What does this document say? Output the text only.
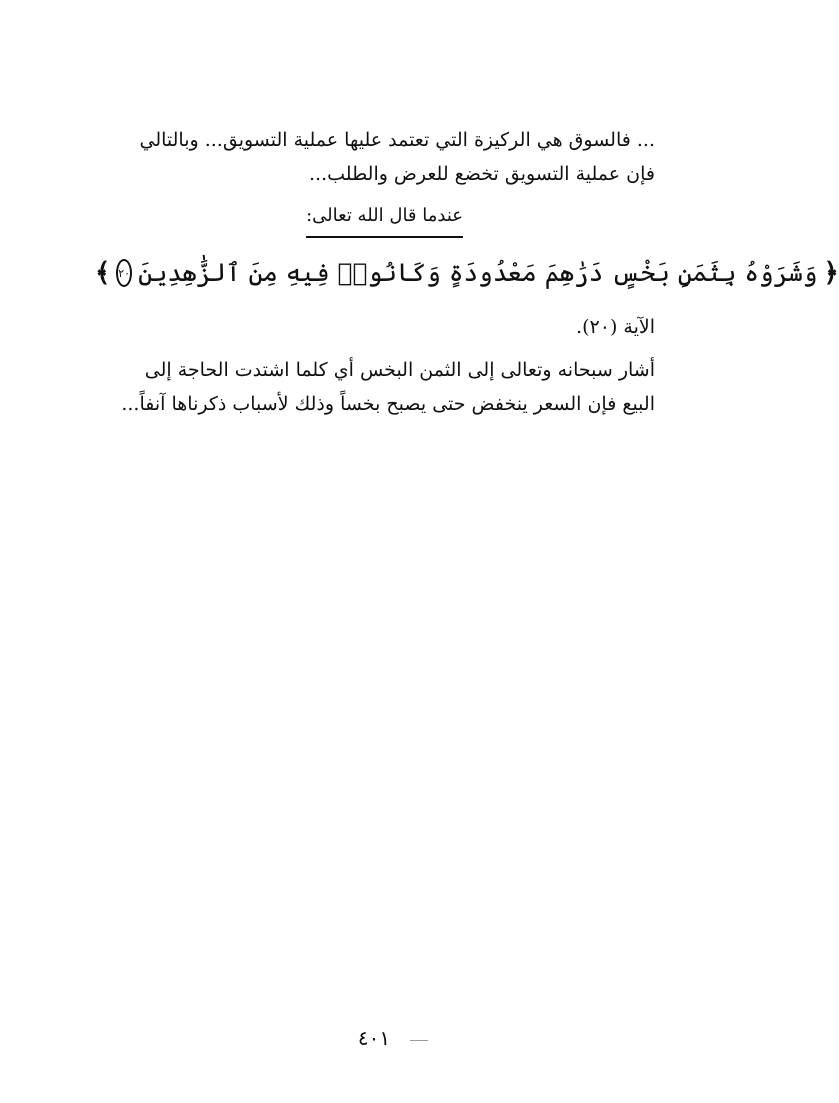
... فالسوق هي الركيزة التي تعتمد عليها عملية التسويق... وبالتالي
فإن عملية التسويق تخضع للعرض والطلب...
عندما قال الله تعالى:
﴿
وَشَرَوْهُ بِثَمَنٍ بَخْسٍ دَرَٰهِمَ مَعْدُودَةٍ وَكَانُوا۟ فِيهِ مِنَ ٱلزَّٰهِدِينَ
٢٠
﴾
الآية (٢٠).
أشار سبحانه وتعالى إلى الثمن البخس أي كلما اشتدت الحاجة إلى
البيع فإن السعر ينخفض حتى يصبح بخساً وذلك لأسباب ذكرناها آنفاً...
٤٠١
